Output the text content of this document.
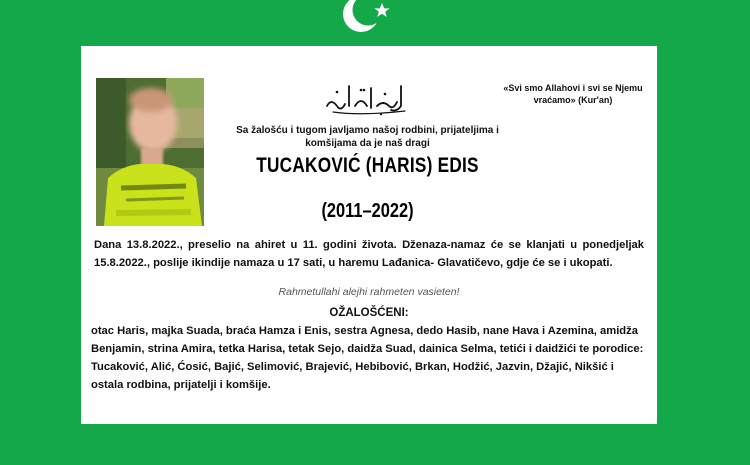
«Svi smo Allahovi i svi se Njemu vraćamo» (Kur'an)
Sa žalošću i tugom javljamo našoj rodbini, prijateljima i komšijama da je naš dragi
TUCAKOVIĆ (HARIS) EDIS
(2011–2022)
Dana 13.8.2022., preselio na ahiret u 11. godini života. Dženaza-namaz će se klanjati u ponedjeljak 15.8.2022., poslije ikindije namaza u 17 sati, u haremu Lađanica- Glavatičevo, gdje će se i ukopati.
Rahmetullahi alejhi rahmeten vasieten!
OŽALOŠĆENI:
otac Haris, majka Suada, braća Hamza i Enis, sestra Agnesa, dedo Hasib, nane Hava i Azemina, amidža Benjamin, strina Amira, tetka Harisa, tetak Sejo, daidža Suad, dainica Selma, tetići i daidžići te porodice: Tucaković, Alić, Ćosić, Bajić, Selimović, Brajević, Hebibović, Brkan, Hodžić, Jazvin, Džajić, Nikšić i ostala rodbina, prijatelji i komšije.
